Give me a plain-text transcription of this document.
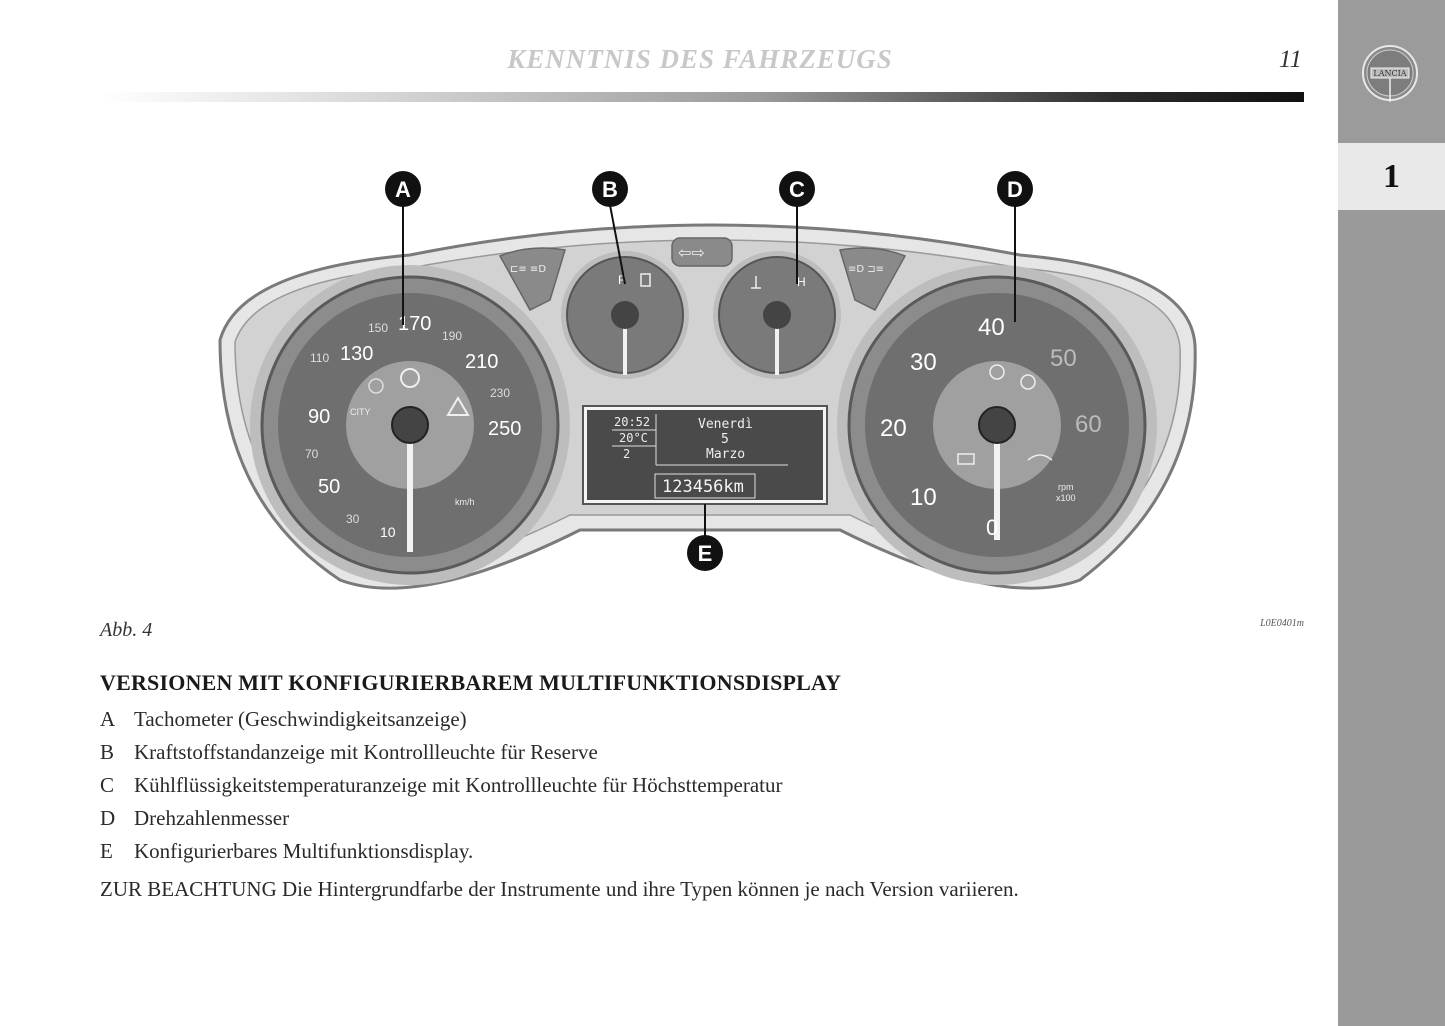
KENNTNIS DES FAHRZEUGS	11
LANCIA
1
110
90
70
50
30
10
130
150 170
190
210
230
250
CITY
km/h
F	H
⊏≡ ≡D
⇦⇨
≡D ⊐≡
0
10
20
30
40
50
60
rpm
x100
20:52
20°C
2
Venerdì
5
Marzo
123456km
A	B	C	D
E
Abb. 4	L0E0401m
VERSIONEN MIT KONFIGURIERBAREM MULTIFUNKTIONSDISPLAY
A Tachometer (Geschwindigkeitsanzeige)
B Kraftstoffstandanzeige mit Kontrollleuchte für Reserve
C Kühlflüssigkeitstemperaturanzeige mit Kontrollleuchte für Höchsttemperatur
D Drehzahlenmesser
E	Konfigurierbares Multifunktionsdisplay.
ZUR BEACHTUNG Die Hintergrundfarbe der Instrumente und ihre Typen können je nach Version variieren.
